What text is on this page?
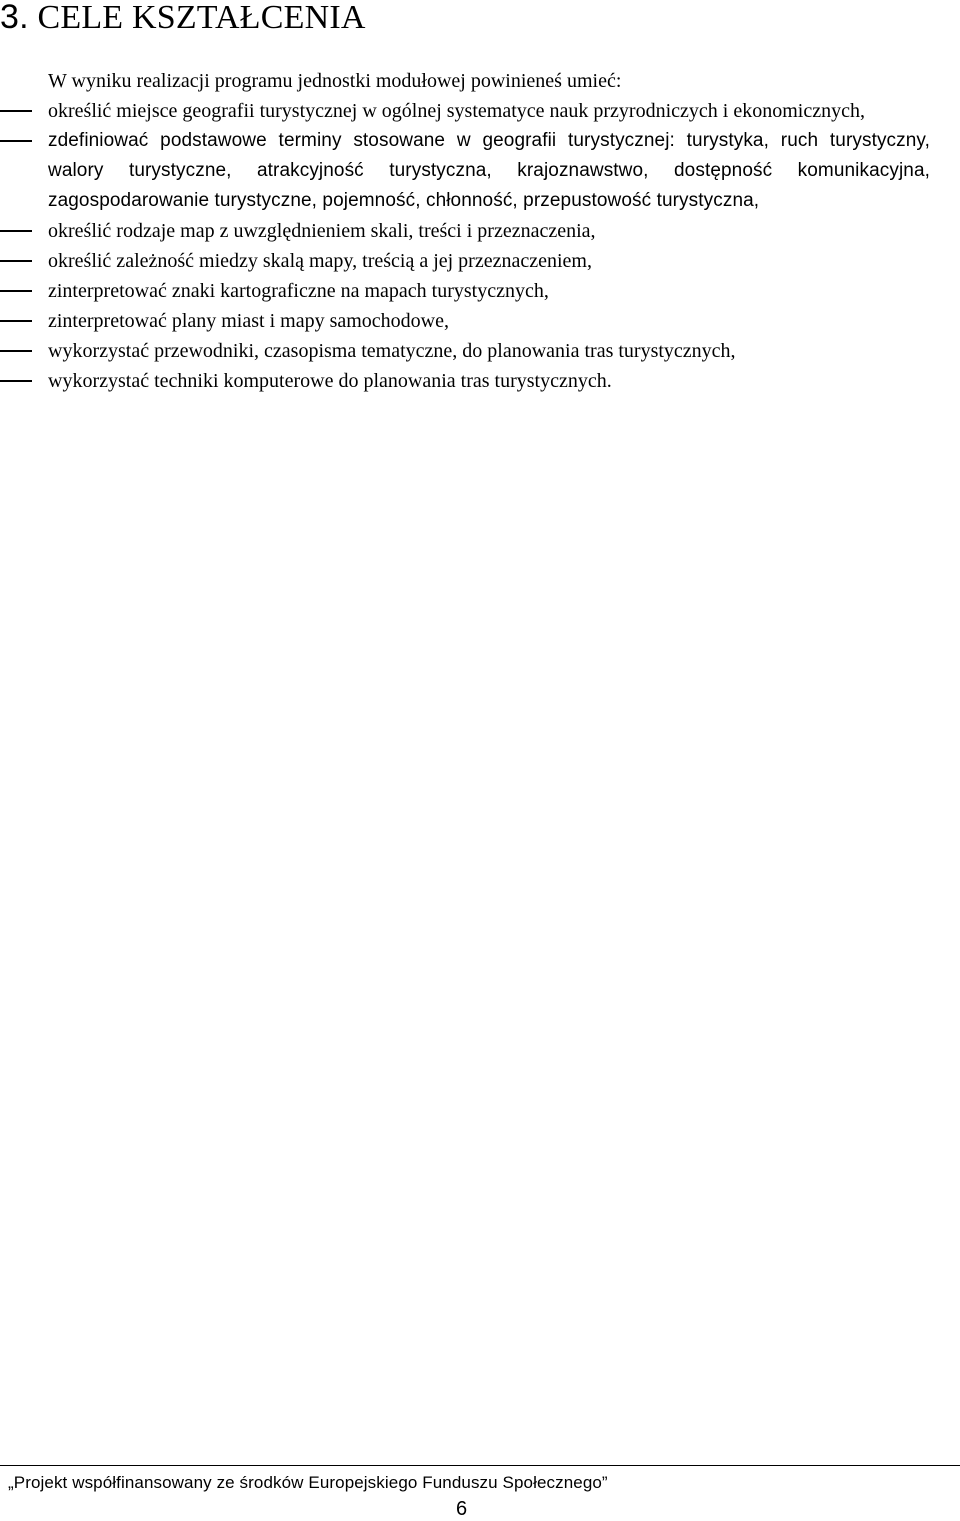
3. CELE KSZTAŁCENIA
W wyniku realizacji programu jednostki modułowej powinieneś umieć:
określić miejsce geografii turystycznej w ogólnej systematyce nauk przyrodniczych i ekonomicznych,
zdefiniować podstawowe terminy stosowane w geografii turystycznej: turystyka, ruch turystyczny, walory turystyczne, atrakcyjność turystyczna, krajoznawstwo, dostępność komunikacyjna, zagospodarowanie turystyczne, pojemność, chłonność, przepustowość turystyczna,
określić rodzaje map z uwzględnieniem skali, treści i przeznaczenia,
określić zależność miedzy skalą mapy, treścią a jej przeznaczeniem,
zinterpretować znaki kartograficzne na mapach turystycznych,
zinterpretować plany miast i mapy samochodowe,
wykorzystać przewodniki, czasopisma tematyczne, do planowania tras turystycznych,
wykorzystać techniki komputerowe do planowania tras turystycznych.
„Projekt współfinansowany ze środków Europejskiego Funduszu Społecznego”
6
